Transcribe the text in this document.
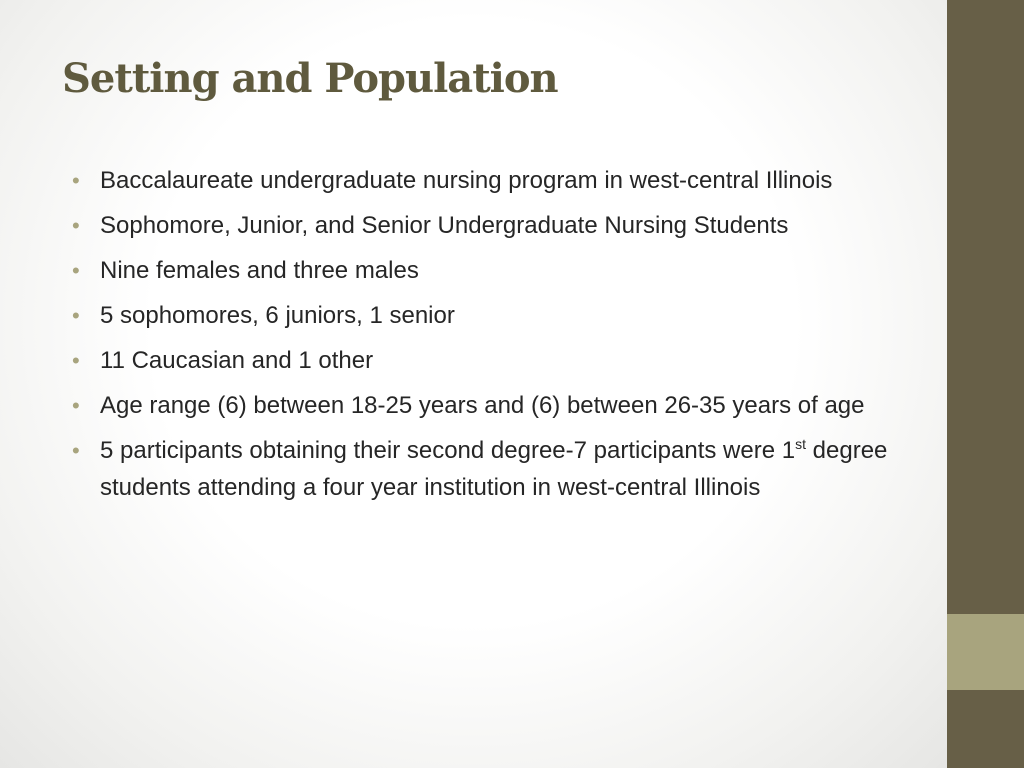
Setting and Population
• Baccalaureate undergraduate nursing program in west-central Illinois
• Sophomore, Junior, and Senior Undergraduate Nursing Students
• Nine females and three males
• 5 sophomores, 6 juniors, 1 senior
• 11 Caucasian and 1 other
• Age range (6) between 18-25 years and (6) between 26-35 years of age
• 5 participants obtaining their second degree-7 participants were 1st degree students attending a four year institution in west-central Illinois
